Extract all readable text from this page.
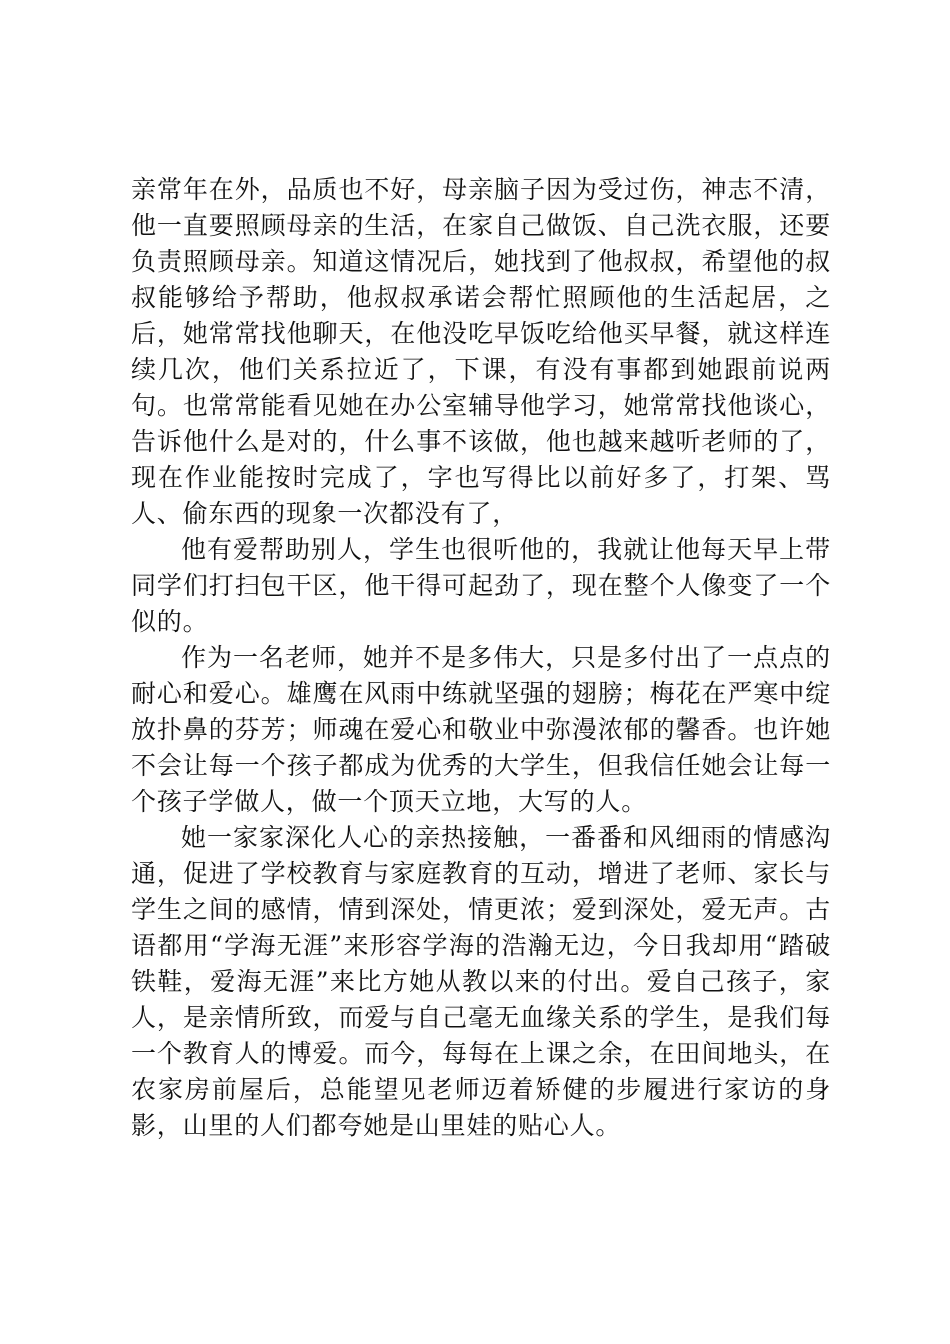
亲常年在外，品质也不好，母亲脑子因为受过伤，神志不清，他一直要照顾母亲的生活，在家自己做饭、自己洗衣服，还要负责照顾母亲。知道这情况后，她找到了他叔叔，希望他的叔叔能够给予帮助，他叔叔承诺会帮忙照顾他的生活起居，之后，她常常找他聊天，在他没吃早饭吃给他买早餐，就这样连续几次，他们关系拉近了，下课，有没有事都到她跟前说两句。也常常能看见她在办公室辅导他学习，她常常找他谈心，告诉他什么是对的，什么事不该做，他也越来越听老师的了，现在作业能按时完成了，字也写得比以前好多了，打架、骂人、偷东西的现象一次都没有了，

他有爱帮助别人，学生也很听他的，我就让他每天早上带同学们打扫包干区，他干得可起劲了，现在整个人像变了一个似的。

作为一名老师，她并不是多伟大，只是多付出了一点点的耐心和爱心。雄鹰在风雨中练就坚强的翅膀；梅花在严寒中绽放扑鼻的芬芳；师魂在爱心和敬业中弥漫浓郁的馨香。也许她不会让每一个孩子都成为优秀的大学生，但我信任她会让每一个孩子学做人，做一个顶天立地，大写的人。

她一家家深化人心的亲热接触，一番番和风细雨的情感沟通，促进了学校教育与家庭教育的互动，增进了老师、家长与学生之间的感情，情到深处，情更浓；爱到深处，爱无声。古语都用“学海无涯”来形容学海的浩瀚无边，今日我却用“踏破铁鞋，爱海无涯”来比方她从教以来的付出。爱自己孩子，家人，是亲情所致，而爱与自己毫无血缘关系的学生，是我们每一个教育人的博爱。而今，每每在上课之余，在田间地头，在农家房前屋后，总能望见老师迈着矫健的步履进行家访的身影，山里的人们都夸她是山里娃的贴心人。
